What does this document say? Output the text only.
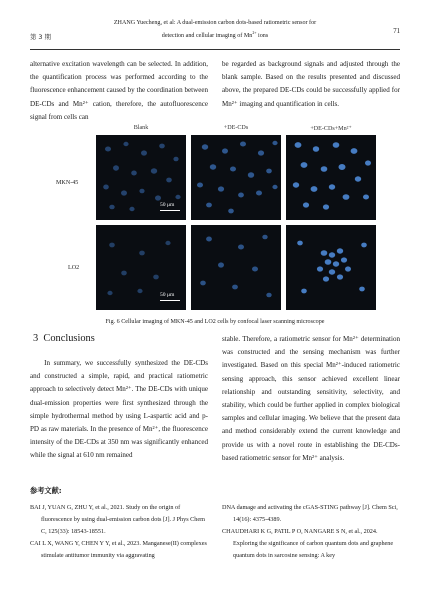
第 3 期
ZHANG Yuecheng, et al: A dual-emission carbon dots-based ratiometric sensor for
detection and cellular imaging of $Mn^{2+}$ ions
71

alternative excitation wavelength can be selected. In addition, the quantification process was performed according to the fluorescence enhancement caused by the coordination between DE-CDs and Mn²⁺ cation, therefore, the autofluorescence signal from cells can

be regarded as background signals and adjusted through the blank sample. Based on the results presented and discussed above, the prepared DE-CDs could be successfully applied for Mn²⁺ imaging and quantification in cells.

Blank	+DE-CDs	+DE-CDs+Mn²⁺
MKN-45
LO2
50 μm
50 μm
Fig. 6 Cellular imaging of MKN-45 and LO2 cells by confocal laser scanning microscope
3 Conclusions

In summary, we successfully synthesized the DE-CDs and constructed a simple, rapid, and practical ratiometric approach to selectively detect Mn²⁺. The DE-CDs with unique dual-emission properties were first synthesized through the simple hydrothermal method by using L-aspartic acid and p-PD as raw materials. In the presence of Mn²⁺, the fluorescence intensity of the DE-CDs at 350 nm was significantly enhanced while the signal at 610 nm remained

stable. Therefore, a ratiometric sensor for Mn²⁺ determination was constructed and the sensing mechanism was further investigated. Based on this special Mn²⁺-induced ratiometric sensing approach, this sensor achieved excellent linear relationship and outstanding sensitivity, selectivity, and stability, which could be further applied in complex biological samples and cellular imaging. We believe that the present data and method considerably extend the current knowledge and provide us with a novel route in establishing the DE-CDs-based ratiometric sensor for Mn²⁺ analysis.

参考文献:
BAI J, YUAN G, ZHU Y, et al., 2021. Study on the origin of fluorescence by using dual-emission carbon dots [J]. J Phys Chem C, 125(33): 18543-18551.
CAI L X, WANG Y, CHEN Y Y, et al., 2023. Manganese(II) complexes stimulate antitumor immunity via aggravating
DNA damage and activating the cGAS-STING pathway [J]. Chem Sci, 14(16): 4375-4389.
CHAUDHARI K G, PATIL P O, NANGARE S N, et al., 2024. Exploring the significance of carbon quantum dots and graphene quantum dots in sarcosine sensing: A key
